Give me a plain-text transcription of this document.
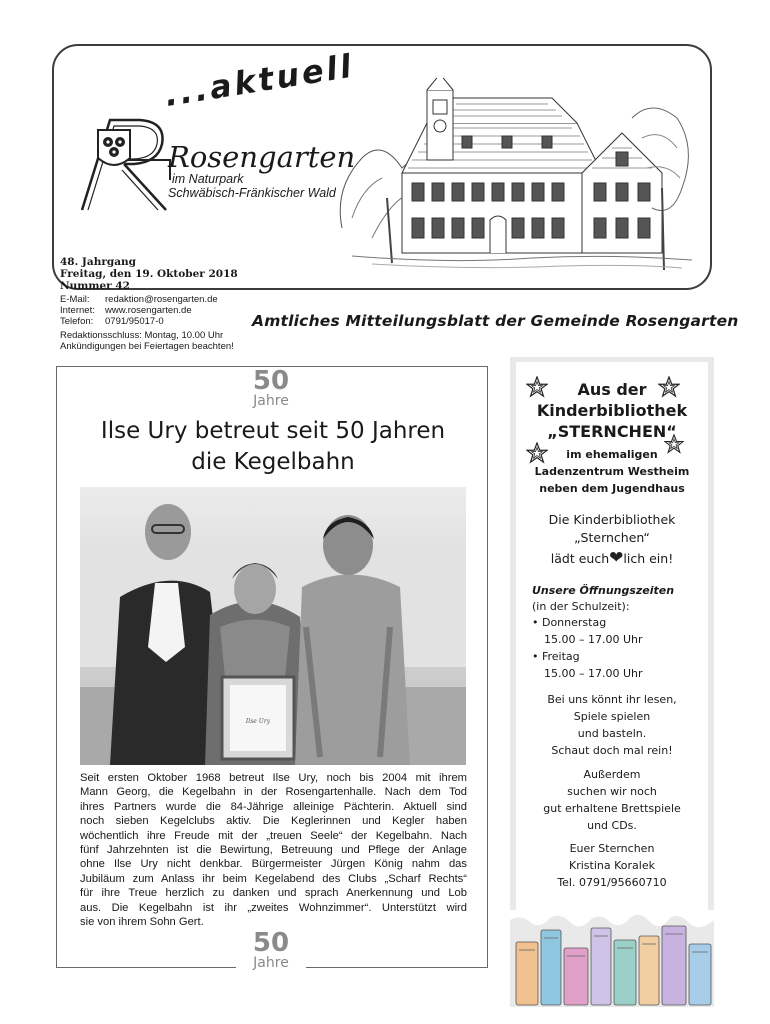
...aktuell
Rosengarten
im Naturpark
Schwäbisch-Fränkischer Wald
48. Jahrgang
Freitag, den 19. Oktober 2018
Nummer 42
E-Mail: redaktion@rosengarten.de
Internet: www.rosengarten.de
Telefon: 0791/95017-0
Redaktionsschluss: Montag, 10.00 Uhr
Ankündigungen bei Feiertagen beachten!
Amtliches Mitteilungsblatt der Gemeinde Rosengarten
50
Jahre
Ilse Ury betreut seit 50 Jahren
die Kegelbahn
Ilse Ury
Seit ersten Oktober 1968 betreut Ilse Ury, noch bis 2004 mit ihrem
Mann Georg, die Kegelbahn in der Rosengartenhalle. Nach dem Tod
ihres Partners wurde die 84-Jährige alleinige Pächterin. Aktuell sind
noch sieben Kegelclubs aktiv. Die Keglerinnen und Kegler haben
wöchentlich ihre Freude mit der „treuen Seele“ der Kegelbahn. Nach
fünf Jahrzehnten ist die Bewirtung, Betreuung und Pflege der Anlage
ohne Ilse Ury nicht denkbar. Bürgermeister Jürgen König nahm das
Jubiläum zum Anlass ihr beim Kegelabend des Clubs „Scharf Rechts“
für ihre Treue herzlich zu danken und sprach Anerkennung und Lob
aus. Die Kegelbahn ist ihr „zweites Wohnzimmer“. Unterstützt wird
sie von ihrem Sohn Gert.
50
Jahre
Aus der
Kinderbibliothek
„STERNCHEN“
im ehemaligen
Ladenzentrum Westheim
neben dem Jugendhaus
Die Kinderbibliothek
„Sternchen“
lädt euch❤lich ein!
Unsere Öffnungszeiten
(in der Schulzeit):
• Donnerstag
15.00 – 17.00 Uhr
• Freitag
15.00 – 17.00 Uhr
Bei uns könnt ihr lesen,
Spiele spielen
und basteln.
Schaut doch mal rein!
Außerdem
suchen wir noch
gut erhaltene Brettspiele
und CDs.
Euer Sternchen
Kristina Koralek
Tel. 0791/95660710
